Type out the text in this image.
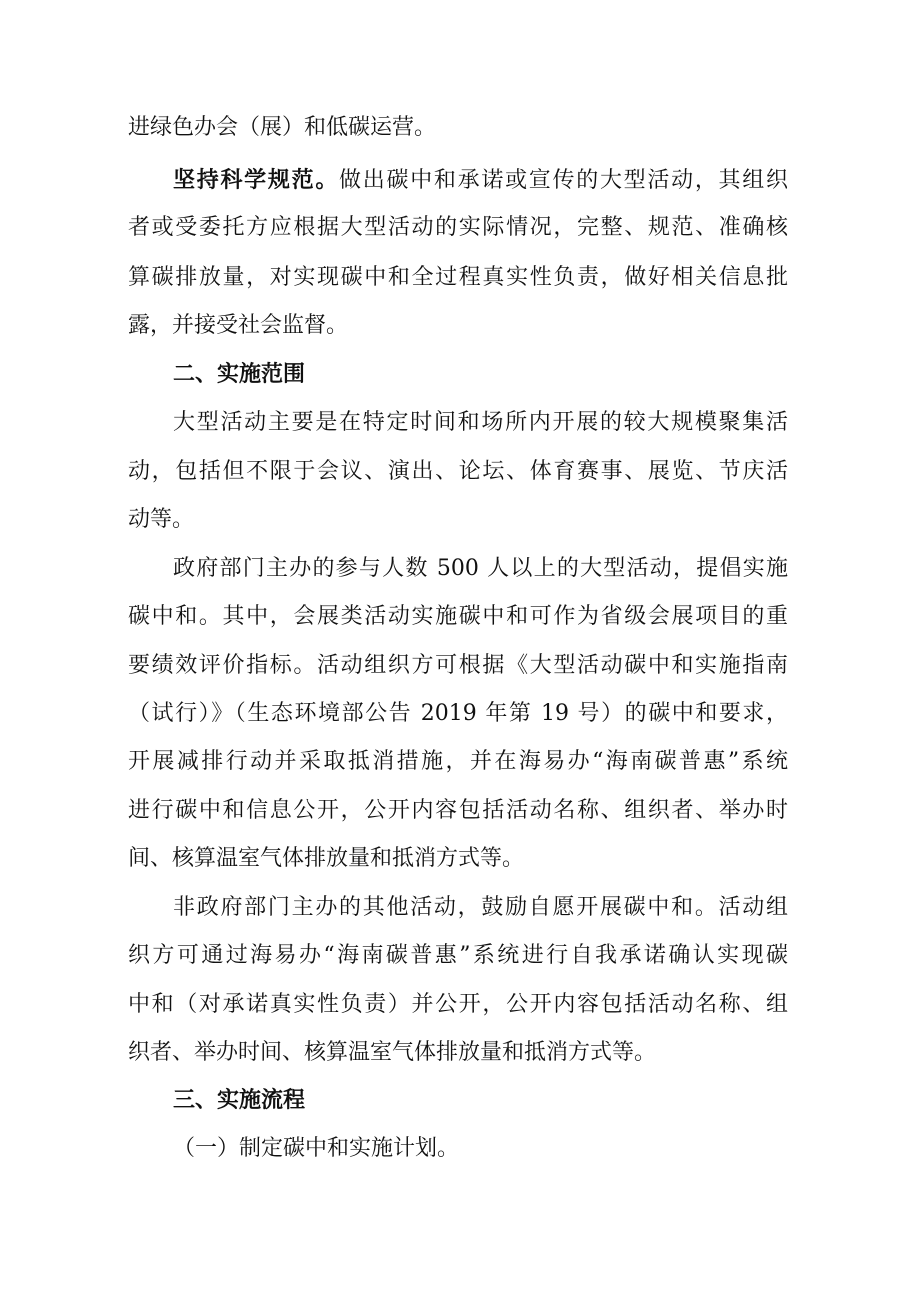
进绿色办会（展）和低碳运营。
坚持科学规范。做出碳中和承诺或宣传的大型活动，其组织
者或受委托方应根据大型活动的实际情况，完整、规范、准确核
算碳排放量，对实现碳中和全过程真实性负责，做好相关信息批
露，并接受社会监督。
二、实施范围
大型活动主要是在特定时间和场所内开展的较大规模聚集活
动，包括但不限于会议、演出、论坛、体育赛事、展览、节庆活
动等。
政府部门主办的参与人数 500 人以上的大型活动，提倡实施
碳中和。其中，会展类活动实施碳中和可作为省级会展项目的重
要绩效评价指标。活动组织方可根据《大型活动碳中和实施指南
（试行）》（生态环境部公告 2019 年第 19 号）的碳中和要求，
开展减排行动并采取抵消措施，并在海易办“海南碳普惠”系统
进行碳中和信息公开，公开内容包括活动名称、组织者、举办时
间、核算温室气体排放量和抵消方式等。
非政府部门主办的其他活动，鼓励自愿开展碳中和。活动组
织方可通过海易办“海南碳普惠”系统进行自我承诺确认实现碳
中和（对承诺真实性负责）并公开，公开内容包括活动名称、组
织者、举办时间、核算温室气体排放量和抵消方式等。
三、实施流程
（一）制定碳中和实施计划。
